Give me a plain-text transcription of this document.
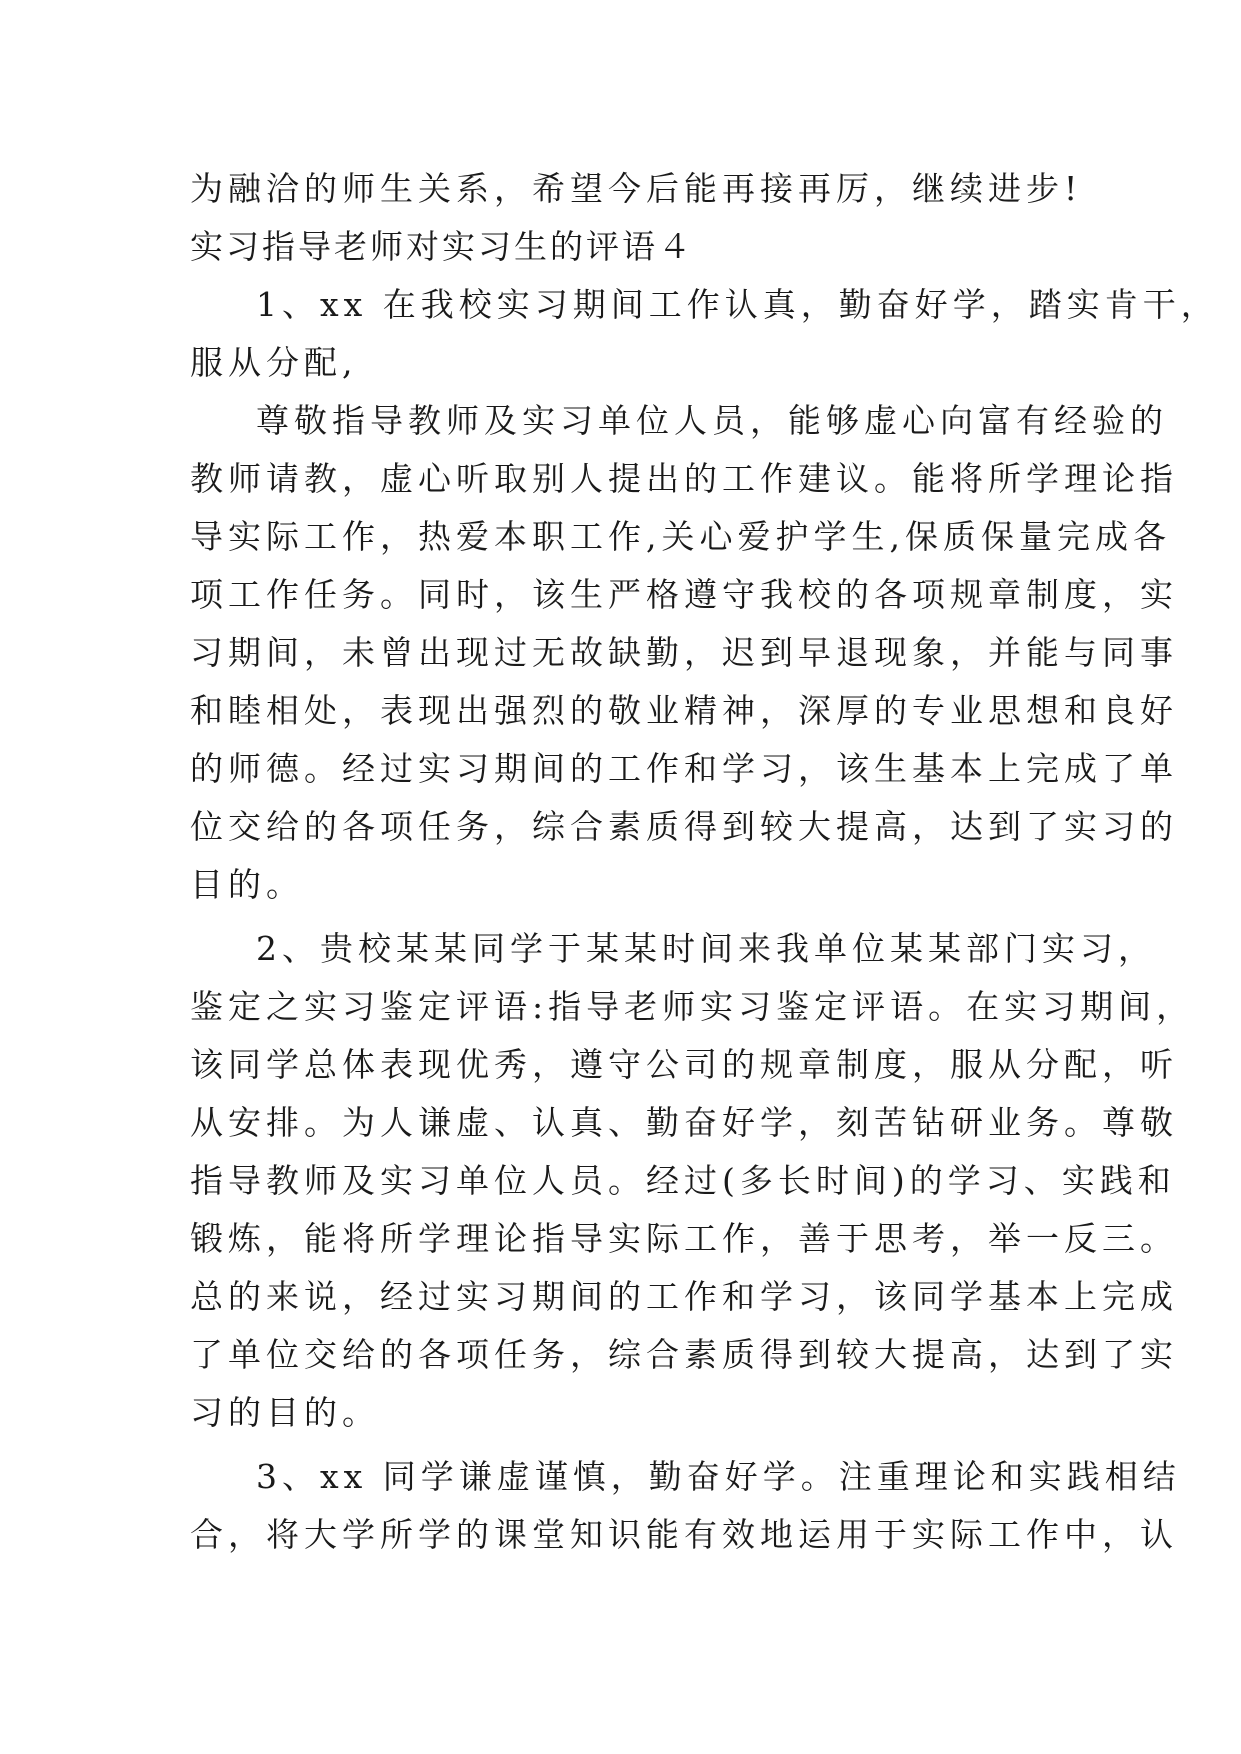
为融洽的师生关系，希望今后能再接再厉，继续进步!
实习指导老师对实习生的评语４
1、xx 在我校实习期间工作认真，勤奋好学，踏实肯干，
服从分配,
尊敬指导教师及实习单位人员，能够虚心向富有经验的
教师请教，虚心听取别人提出的工作建议。能将所学理论指
导实际工作，热爱本职工作,关心爱护学生,保质保量完成各
项工作任务。同时，该生严格遵守我校的各项规章制度，实
习期间，未曾出现过无故缺勤，迟到早退现象，并能与同事
和睦相处，表现出强烈的敬业精神，深厚的专业思想和良好
的师德。经过实习期间的工作和学习，该生基本上完成了单
位交给的各项任务，综合素质得到较大提高，达到了实习的
目的。
2、贵校某某同学于某某时间来我单位某某部门实习，
鉴定之实习鉴定评语:指导老师实习鉴定评语。在实习期间，
该同学总体表现优秀，遵守公司的规章制度，服从分配，听
从安排。为人谦虚、认真、勤奋好学，刻苦钻研业务。尊敬
指导教师及实习单位人员。经过(多长时间)的学习、实践和
锻炼，能将所学理论指导实际工作，善于思考，举一反三。
总的来说，经过实习期间的工作和学习，该同学基本上完成
了单位交给的各项任务，综合素质得到较大提高，达到了实
习的目的。
3、xx 同学谦虚谨慎，勤奋好学。注重理论和实践相结
合，将大学所学的课堂知识能有效地运用于实际工作中，认
